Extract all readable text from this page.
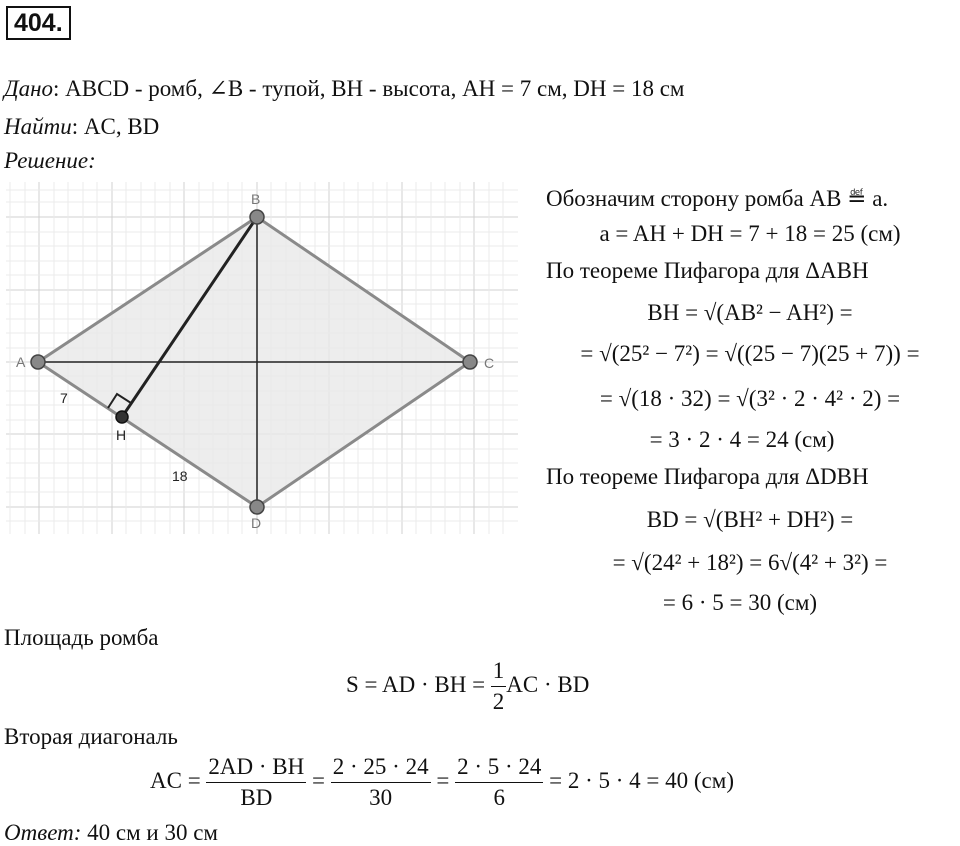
404.
Дано: ABCD - ромб, ∠B - тупой, BH - высота, AH = 7 см, DH = 18 см
Найти: AC, BD
Решение:
B
A	C
D
H
7
18
Обозначим сторону ромба AB ≝ a.
a = AH + DH = 7 + 18 = 25 (см)
По теореме Пифагора для ΔABH
BH = √(AB² − AH²) =
= √(25² − 7²) = √((25 − 7)(25 + 7)) =
= √(18 · 32) = √(3² · 2 · 4² · 2) =
= 3 · 2 · 4 = 24 (см)
По теореме Пифагора для ΔDBH
BD = √(BH² + DH²) =
= √(24² + 18²) = 6√(4² + 3²) =
= 6 · 5 = 30 (см)
Площадь ромба
S = AD · BH = $\frac{1}{2}$ AC · BD
Вторая диагональ
AC = $\frac{2AD \cdot BH}{BD} = \frac{2 \cdot 25 \cdot 24}{30} = \frac{2 \cdot 5 \cdot 24}{6} = 2 \cdot 5 \cdot 4 = 40$ (см)
Ответ: 40 см и 30 см
